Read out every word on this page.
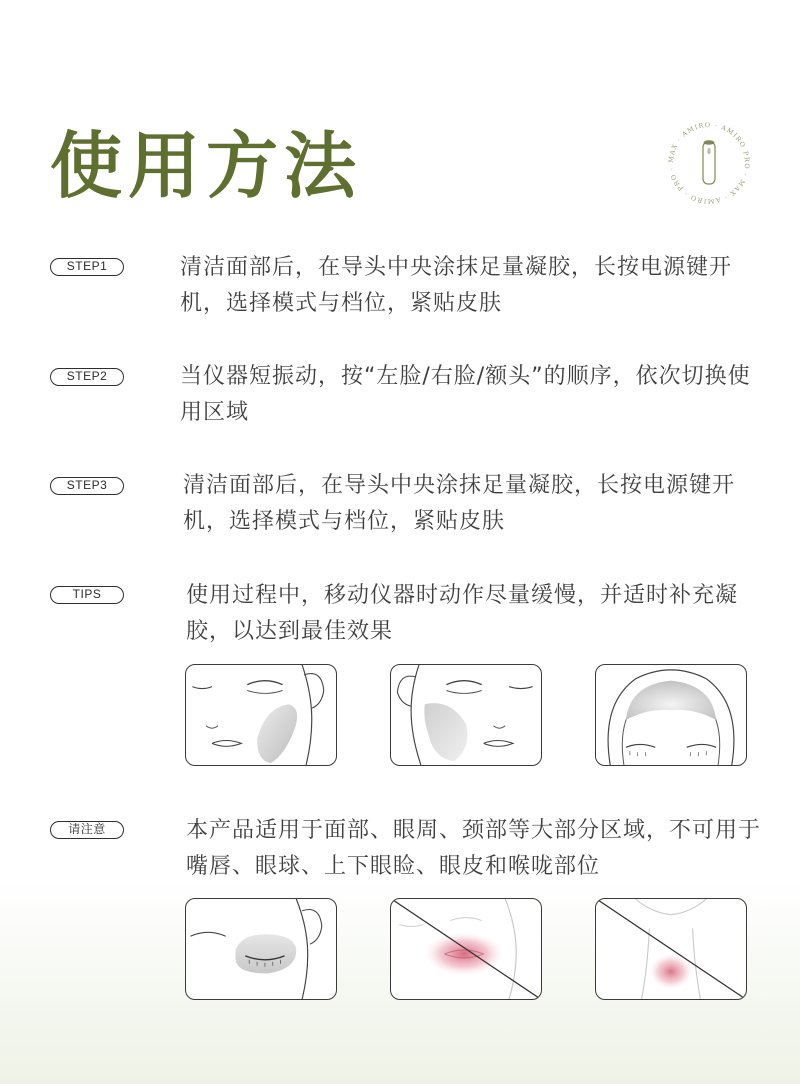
使用方法	MAX · AMIRO · AMIRO PRO · MAX · AMIRO · PRO ·
STEP1	清洁面部后，在导头中央涂抹足量凝胶，长按电源键开机，选择模式与档位，紧贴皮肤

STEP2	当仪器短振动，按“左脸/右脸/额头”的顺序，依次切换使用区域

STEP3	清洁面部后，在导头中央涂抹足量凝胶，长按电源键开机，选择模式与档位，紧贴皮肤

TIPS	使用过程中，移动仪器时动作尽量缓慢，并适时补充凝胶，以达到最佳效果

请注意	本产品适用于面部、眼周、颈部等大部分区域，不可用于嘴唇、眼球、上下眼睑、眼皮和喉咙部位
